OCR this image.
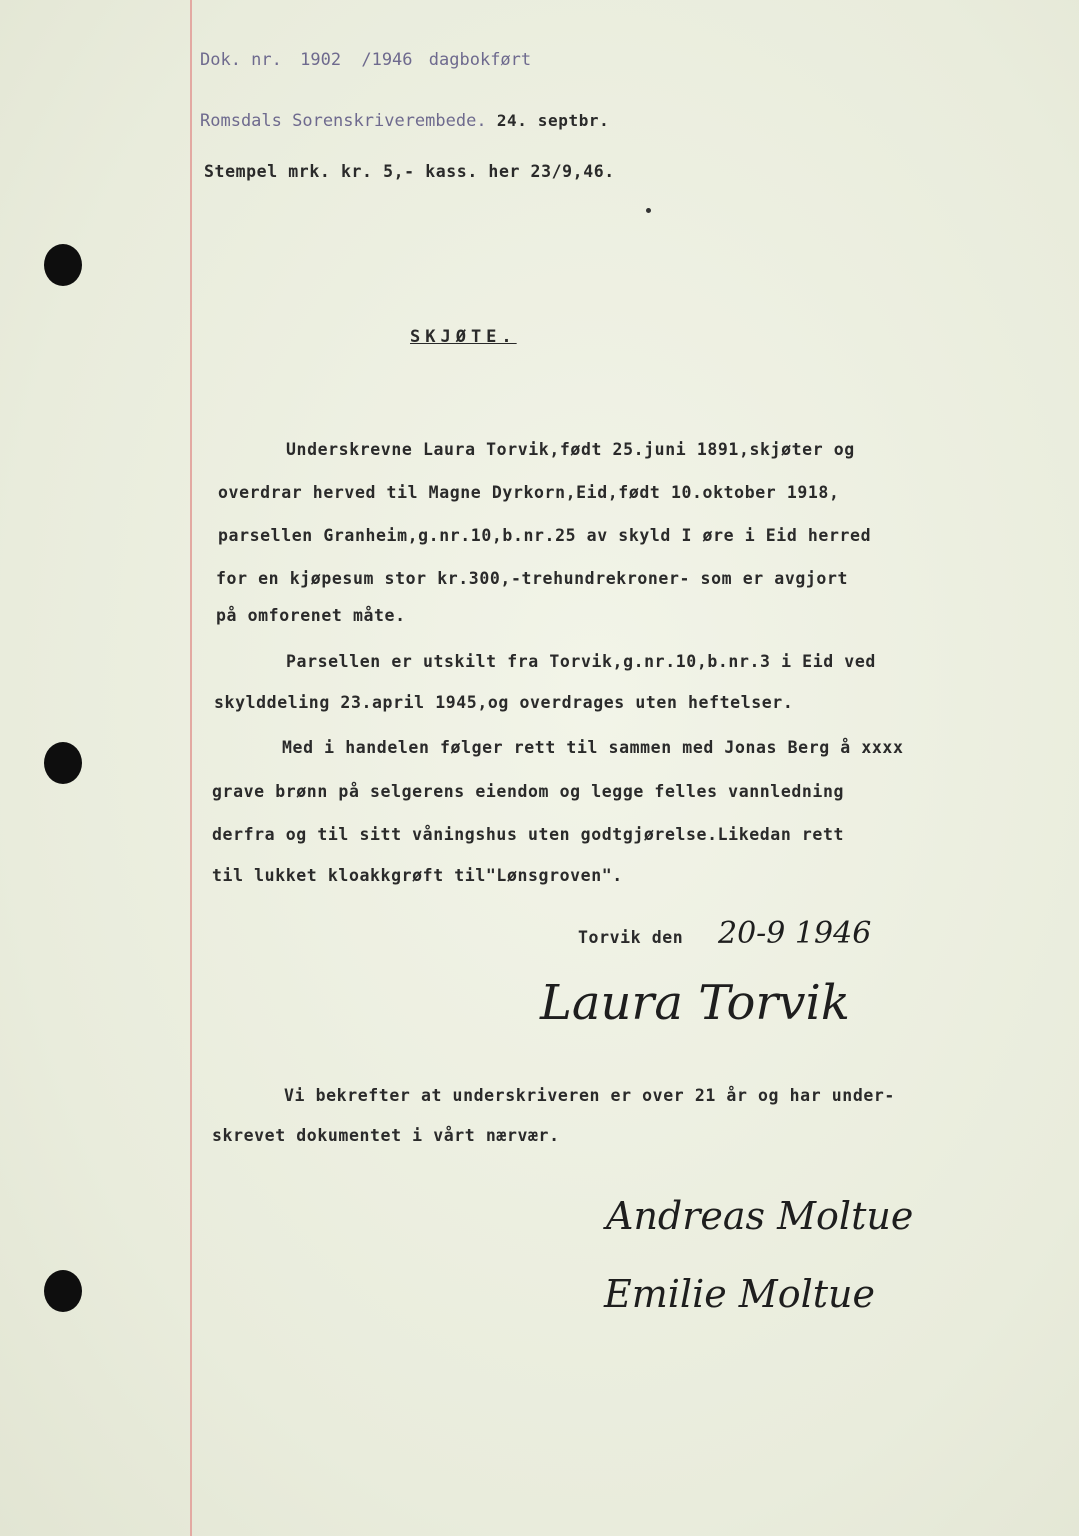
Dok. nr. 1902 /1946 dagbokført
Romsdals Sorenskriverembede. 24. septbr.
Stempel mrk. kr. 5,- kass. her 23/9,46.
SKJØTE.
Underskrevne Laura Torvik,født 25.juni 1891,skjøter og
overdrar herved til Magne Dyrkorn,Eid,født 10.oktober 1918,
parsellen Granheim,g.nr.10,b.nr.25 av skyld I øre i Eid herred
for en kjøpesum stor kr.300,-trehundrekroner- som er avgjort
på omforenet måte.
Parsellen er utskilt fra Torvik,g.nr.10,b.nr.3 i Eid ved
skylddeling 23.april 1945,og overdrages uten heftelser.
Med i handelen følger rett til sammen med Jonas Berg å xxxx
grave brønn på selgerens eiendom og legge felles vannledning
derfra og til sitt våningshus uten godtgjørelse.Likedan rett
til lukket kloakkgrøft til"Lønsgroven".
Torvik den 20-9 1946
Laura Torvik
Vi bekrefter at underskriveren er over 21 år og har under-
skrevet dokumentet i vårt nærvær.
Andreas Moltue
Emilie Moltue
